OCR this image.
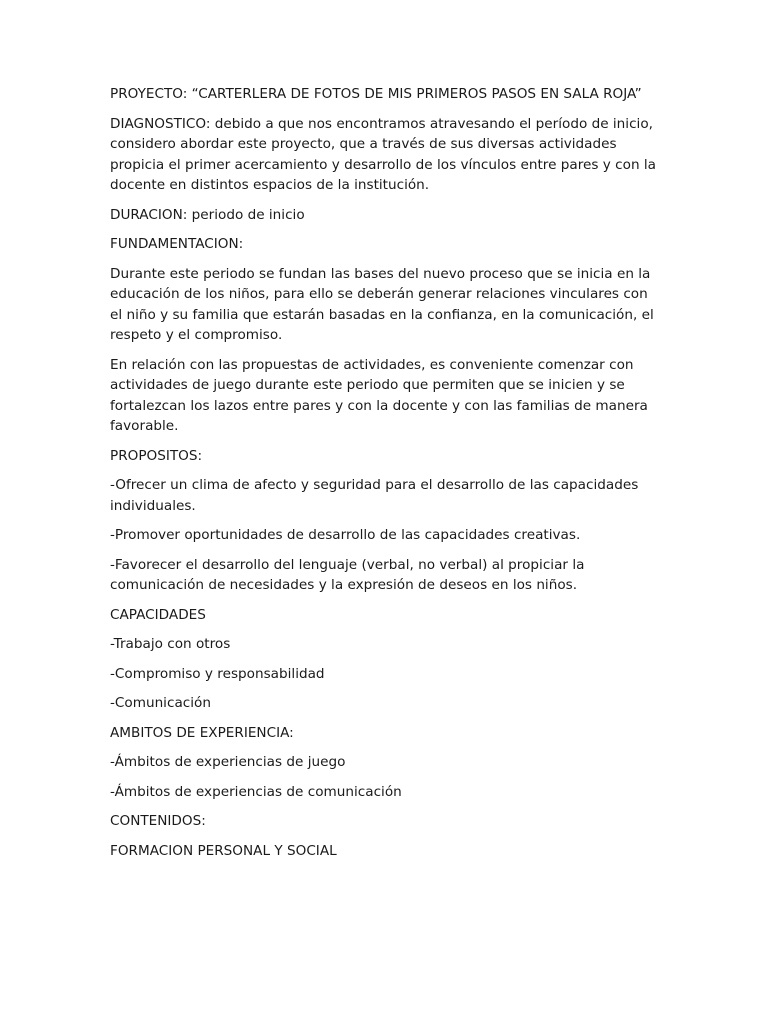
PROYECTO: “CARTERLERA DE FOTOS DE MIS PRIMEROS PASOS EN SALA ROJA”

DIAGNOSTICO: debido a que nos encontramos atravesando el período de inicio, considero abordar este proyecto, que a través de sus diversas actividades propicia el primer acercamiento y desarrollo de los vínculos entre pares y con la docente en distintos espacios de la institución.

DURACION: periodo de inicio

FUNDAMENTACION:

Durante este periodo se fundan las bases del nuevo proceso que se inicia en la educación de los niños, para ello se deberán generar relaciones vinculares con el niño y su familia que estarán basadas en la confianza, en la comunicación, el respeto y el compromiso.

En relación con las propuestas de actividades, es conveniente comenzar con actividades de juego durante este periodo que permiten que se inicien y se fortalezcan los lazos entre pares y con la docente y con las familias de manera favorable.

PROPOSITOS:

-Ofrecer un clima de afecto y seguridad para el desarrollo de las capacidades individuales.

-Promover oportunidades de desarrollo de las capacidades creativas.

-Favorecer el desarrollo del lenguaje (verbal, no verbal) al propiciar la comunicación de necesidades y la expresión de deseos en los niños.

CAPACIDADES

-Trabajo con otros

-Compromiso y responsabilidad

-Comunicación

AMBITOS DE EXPERIENCIA:

-Ámbitos de experiencias de juego

-Ámbitos de experiencias de comunicación

CONTENIDOS:

FORMACION PERSONAL Y SOCIAL
